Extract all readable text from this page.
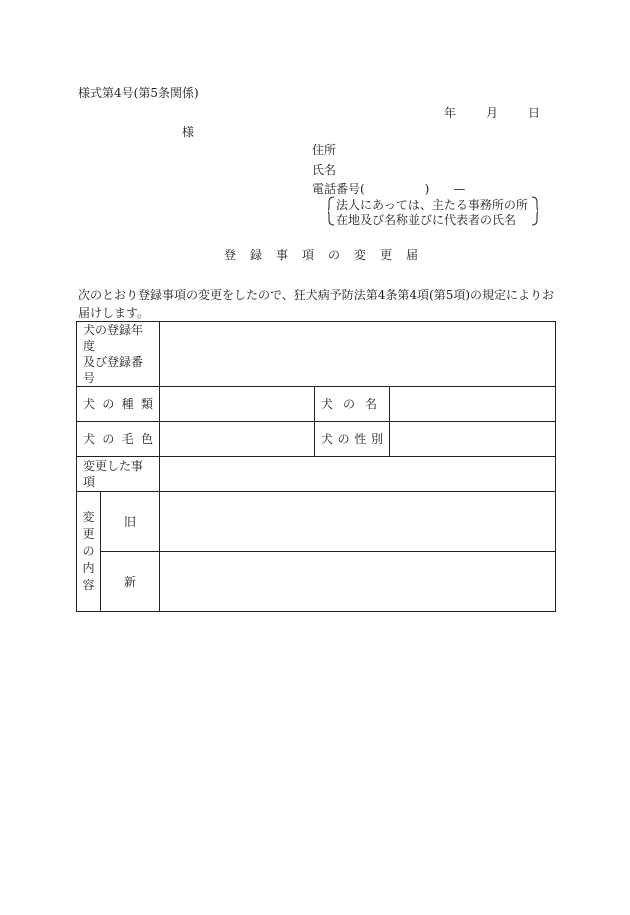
様式第4号(第5条関係)
年	月	日
様
住所
氏名
電話番号(　　　　　)　　—
法人にあっては、主たる事務所の所
在地及び名称並びに代表者の氏名
登　録　事　項　の　変　更　届
次のとおり登録事項の変更をしたので、狂犬病予防法第4条第4項(第5項)の規定によりお届けします。
犬の登録年度
及び登録番号				

犬 の 種 類			犬 の 名	

犬 の 毛 色			犬 の 性 別	

変更した事項				

変
更
の
内
容	旧			
	新			
